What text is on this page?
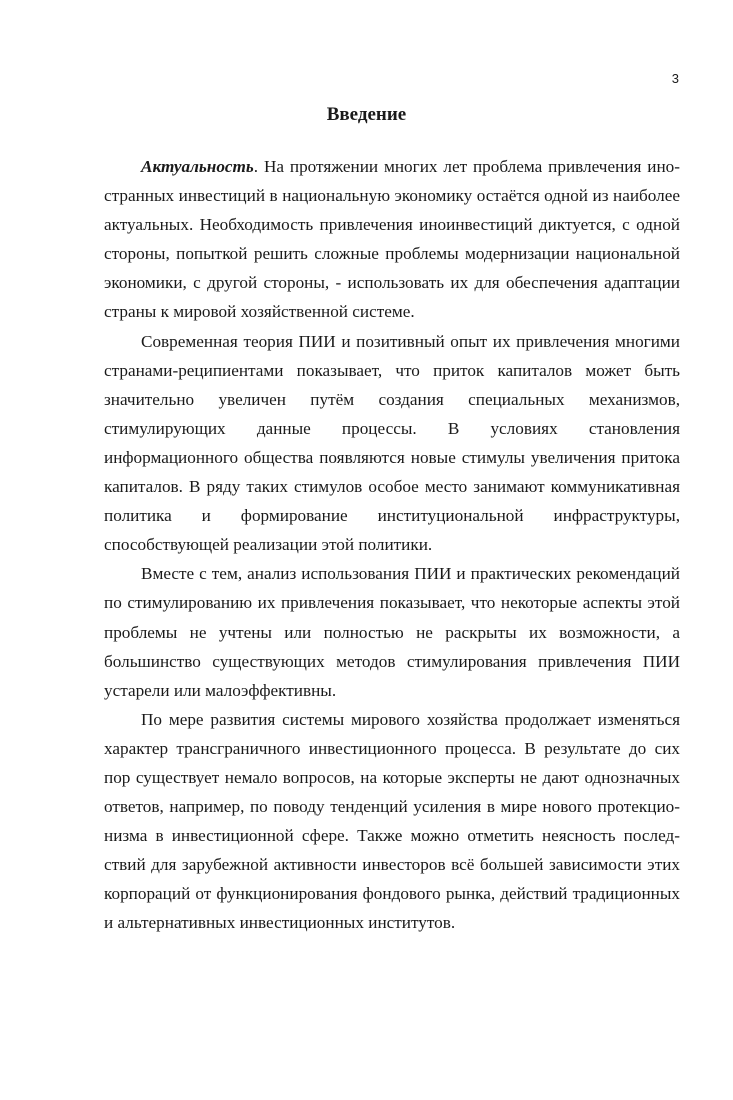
3
Введение

Актуальность. На протяжении многих лет проблема привлечения иностранных инвестиций в национальную экономику остаётся одной из наиболее актуальных. Необходимость привлечения иноинвестиций диктуется, с одной стороны, попыткой решить сложные проблемы модернизации национальной экономики, с другой стороны, - использовать их для обеспечения адаптации страны к мировой хозяйственной системе.

Современная теория ПИИ и позитивный опыт их привлечения многими странами-реципиентами показывает, что приток капиталов может быть значительно увеличен путём создания специальных механизмов, стимулирующих данные процессы. В условиях становления информационного общества появляются новые стимулы увеличения притока капиталов. В ряду таких стимулов особое место занимают коммуникативная политика и формирование институциональной инфраструктуры, способствующей реализации этой политики.

Вместе с тем, анализ использования ПИИ и практических рекомендаций по стимулированию их привлечения показывает, что некоторые аспекты этой проблемы не учтены или полностью не раскрыты их возможности, а большинство существующих методов стимулирования привлечения ПИИ устарели или малоэффективны.

По мере развития системы мирового хозяйства продолжает изменяться характер трансграничного инвестиционного процесса. В результате до сих пор существует немало вопросов, на которые эксперты не дают однозначных ответов, например, по поводу тенденций усиления в мире нового протекционизма в инвестиционной сфере. Также можно отметить неясность последствий для зарубежной активности инвесторов всё большей зависимости этих корпораций от функционирования фондового рынка, действий традиционных и альтернативных инвестиционных институтов.
